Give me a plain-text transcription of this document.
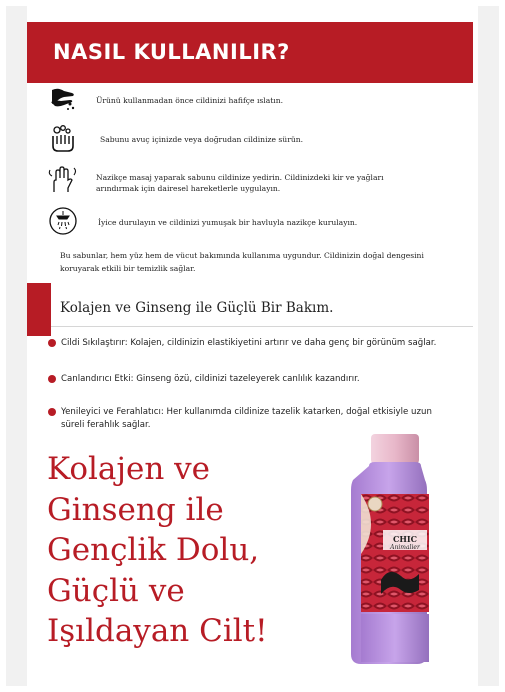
NASIL KULLANILIR?
Ürünü kullanmadan önce cildinizi hafifçe ıslatın.
Sabunu avuç içinizde veya doğrudan cildinize sürün.
Nazikçe masaj yaparak sabunu cildinize yedirin. Cildinizdeki kir ve yağları
arındırmak için dairesel hareketlerle uygulayın.
İyice durulayın ve cildinizi yumuşak bir havluyla nazikçe kurulayın.
Bu sabunlar, hem yüz hem de vücut bakımında kullanıma uygundur. Cildinizin doğal dengesini
koruyarak etkili bir temizlik sağlar.
Kolajen ve Ginseng ile Güçlü Bir Bakım.
Cildi Sıkılaştırır: Kolajen, cildinizin elastikiyetini artırır ve daha genç bir görünüm sağlar.
Canlandırıcı Etki: Ginseng özü, cildinizi tazeleyerek canlılık kazandırır.
Yenileyici ve Ferahlatıcı: Her kullanımda cildinize tazelik katarken, doğal etkisiyle uzun
süreli ferahlık sağlar.
Kolajen ve
Ginseng ile
Gençlik Dolu,
Güçlü ve
Işıldayan Cilt!
CHIC
Animalier
